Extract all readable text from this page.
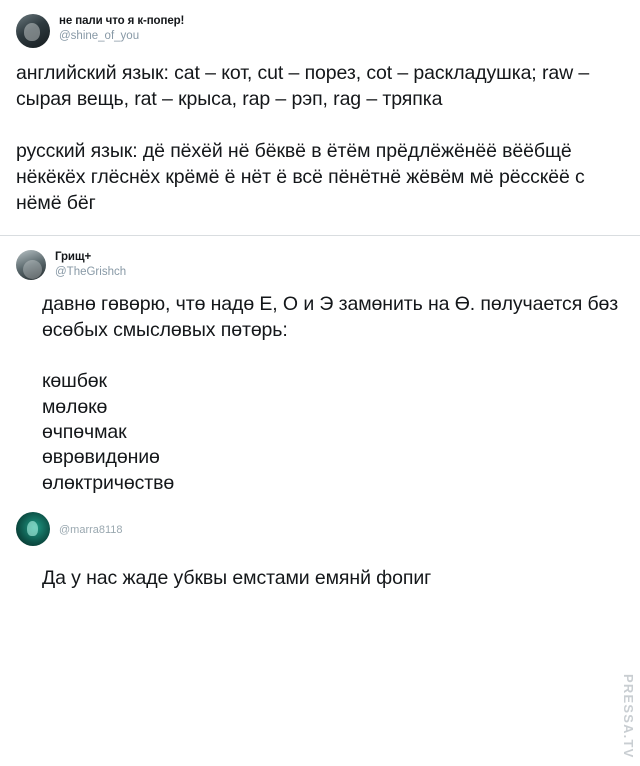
не пали что я к-попер!
@shine_of_you

английский язык: cat – кот, cut – порез, cot – раскладушка; raw – сырая вещь, rat – крыса, rap – рэп, rag – тряпка

русский язык: дё пёхёй нё бёквё в ётём прёдлёжёнёё вёёбщё нёкёкёх глёснёх крёмё ё нёт ё всё пёнётнё жёвём мё рёсскёё с нёмё бёг

Грищ+
@TheGrishch

давнө гөвөрю, чтө надө Е, О и Э замөнить на Ө. пөлучается бөз өсөбых смыслөвых пөтөрь:

көшбөк
мөлөкө
өчпөчмак
өврөвидөниө
өлөктричөствө
@marra8118

Да у нас жаде убквы емстами емянй фопиг

PRESSA.TV
